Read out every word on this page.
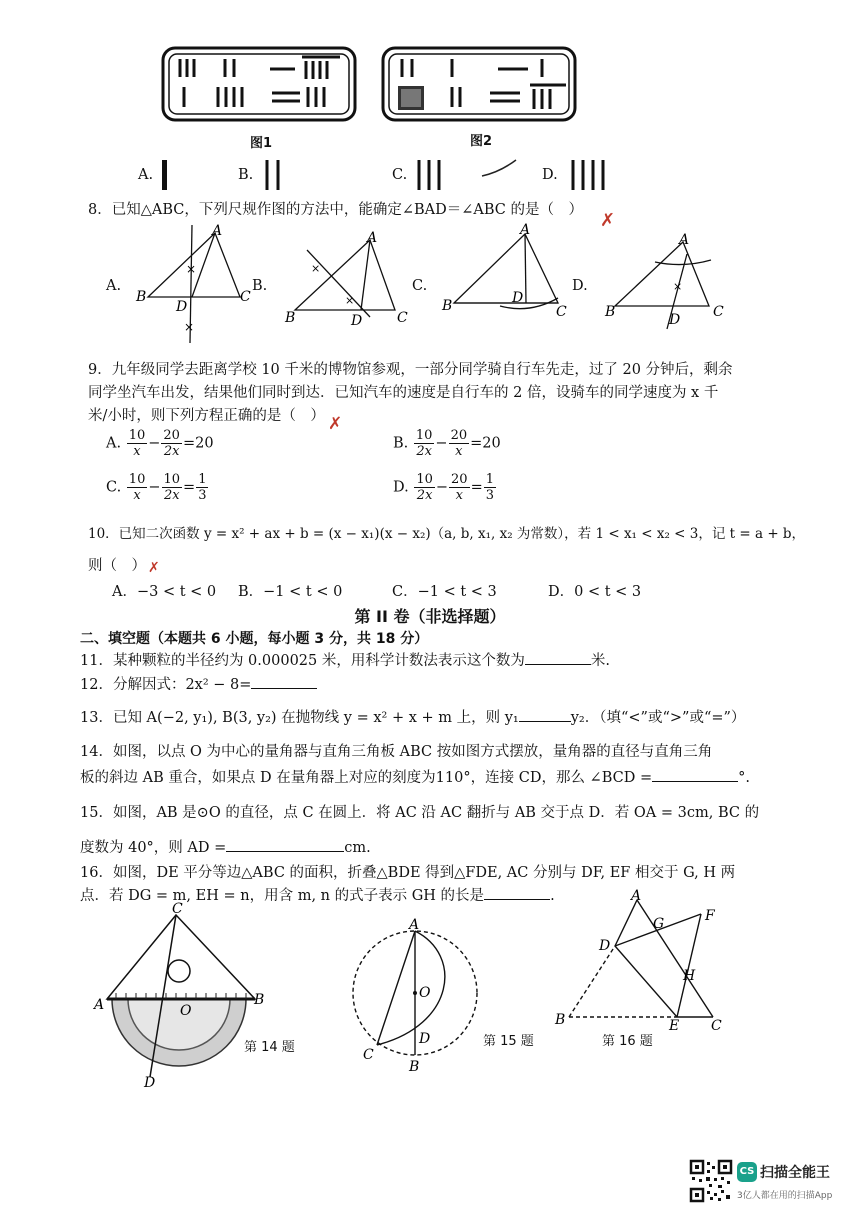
图1	图2
A.	B.	C.	D.
8．已知△ABC，下列尺规作图的方法中，能确定∠BAD＝∠ABC 的是（　） ✗
A.
×
×
A
B	C
D
B.
×
×
A
B	C
D
C.
A
B	C
D
D.	×
A
B	C
D
9．九年级同学去距离学校 10 千米的博物馆参观，一部分同学骑自行车先走，过了 20 分钟后，剩余
同学坐汽车出发，结果他们同时到达．已知汽车的速度是自行车的 2 倍，设骑车的同学速度为 x 千
米/小时，则下列方程正确的是（　） ✗
A. $\frac{10}{x} - \frac{20}{2x} =20$	B. $\frac{10}{2x} - \frac{20}{x} =20$
C. $\frac{10}{x} - \frac{10}{2x} = \frac{1}{3}$	D. $\frac{10}{2x} - \frac{20}{x} = \frac{1}{3}$
10．已知二次函数 y = x² + ax + b = (x − x₁)(x − x₂)（a, b, x₁, x₂ 为常数），若 1 < x₁ < x₂ < 3，记 t = a + b，
则（　） ✗
A．−3 < t < 0 B．−1 < t < 0	C．−1 < t < 3	D．0 < t < 3
第 II 卷（非选择题）
二、填空题（本题共 6 小题，每小题 3 分，共 18 分）
11．某种颗粒的半径约为 0.000025 米，用科学计数法表示这个数为	米.
12．分解因式：2x² − 8=
13．已知 A(−2, y₁), B(3, y₂) 在抛物线 y = x² + x + m 上，则 y₁	y₂．（填“<”或“>”或“=”）
14．如图，以点 O 为中心的量角器与直角三角板 ABC 按如图方式摆放，量角器的直径与直角三角
板的斜边 AB 重合，如果点 D 在量角器上对应的刻度为110°，连接 CD，那么 ∠BCD =	°.
15．如图，AB 是⊙O 的直径，点 C 在圆上．将 AC 沿 AC 翻折与 AB 交于点 D．若 OA = 3cm, BC 的
度数为 40°，则 AD =	cm.
16．如图，DE 平分等边△ABC 的面积，折叠△BDE 得到△FDE, AC 分别与 DF, EF 相交于 G, H 两
点．若 DG = m, EH = n，用含 m, n 的式子表示 GH 的长是	.
C
A	B
O
D
第 14 题
A
O
D
C
B
第 15 题
A
G	F
D
H
B	E C
第 16 题
CS 扫描全能王
3亿人都在用的扫描App
